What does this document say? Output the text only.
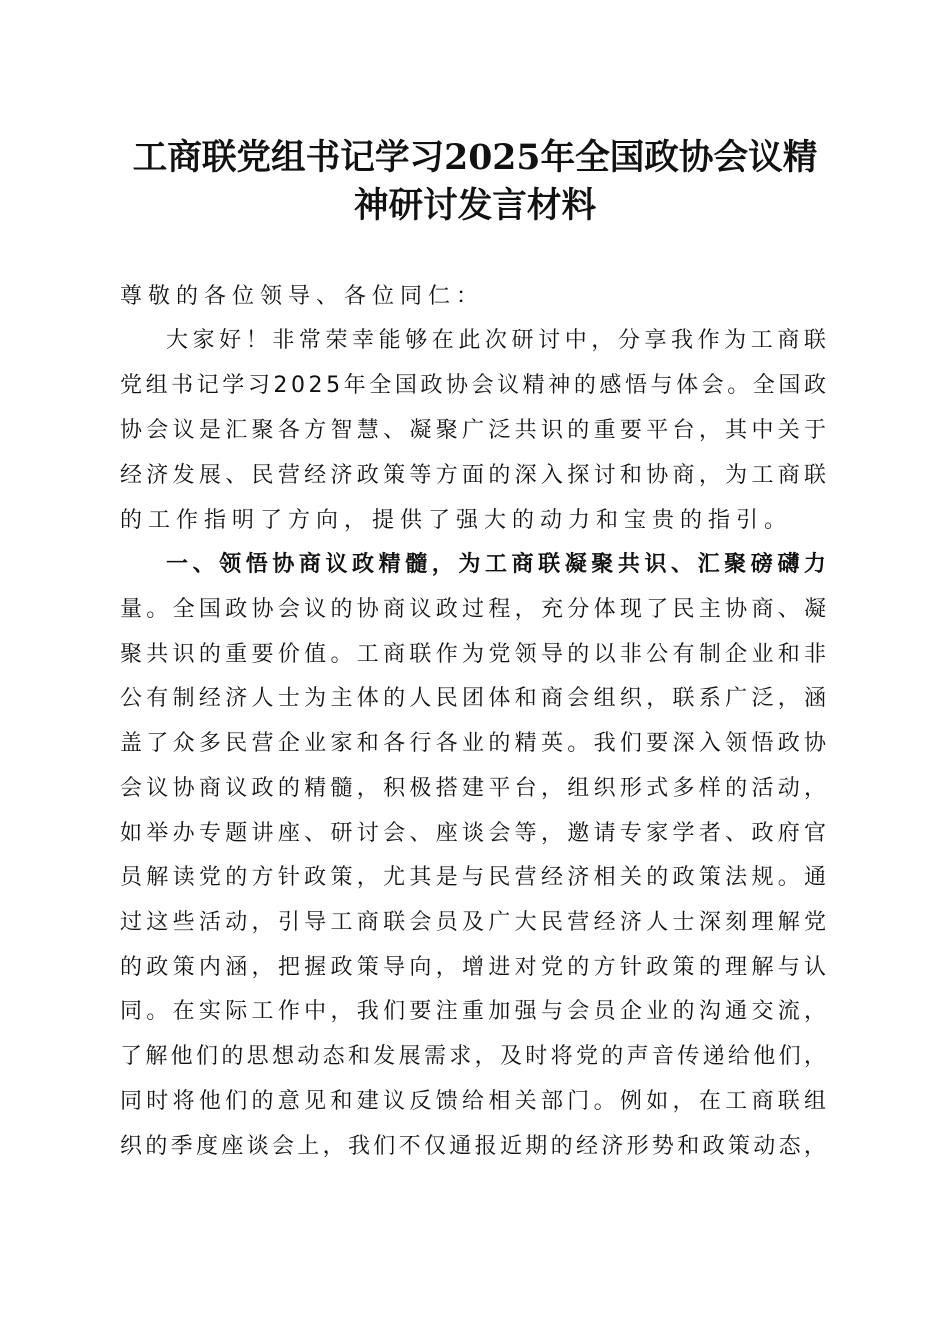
工商联党组书记学习2025年全国政协会议精
神研讨发言材料

尊敬的各位领导、各位同仁：

大家好！非常荣幸能够在此次研讨中，分享我作为工商联

党组书记学习2025年全国政协会议精神的感悟与体会。全国政

协会议是汇聚各方智慧、凝聚广泛共识的重要平台，其中关于

经济发展、民营经济政策等方面的深入探讨和协商，为工商联

的工作指明了方向，提供了强大的动力和宝贵的指引。

一、领悟协商议政精髓，为工商联凝聚共识、汇聚磅礴力

量。全国政协会议的协商议政过程，充分体现了民主协商、凝

聚共识的重要价值。工商联作为党领导的以非公有制企业和非

公有制经济人士为主体的人民团体和商会组织，联系广泛，涵

盖了众多民营企业家和各行各业的精英。我们要深入领悟政协

会议协商议政的精髓，积极搭建平台，组织形式多样的活动，

如举办专题讲座、研讨会、座谈会等，邀请专家学者、政府官

员解读党的方针政策，尤其是与民营经济相关的政策法规。通

过这些活动，引导工商联会员及广大民营经济人士深刻理解党

的政策内涵，把握政策导向，增进对党的方针政策的理解与认

同。在实际工作中，我们要注重加强与会员企业的沟通交流，

了解他们的思想动态和发展需求，及时将党的声音传递给他们，

同时将他们的意见和建议反馈给相关部门。例如，在工商联组

织的季度座谈会上，我们不仅通报近期的经济形势和政策动态，
